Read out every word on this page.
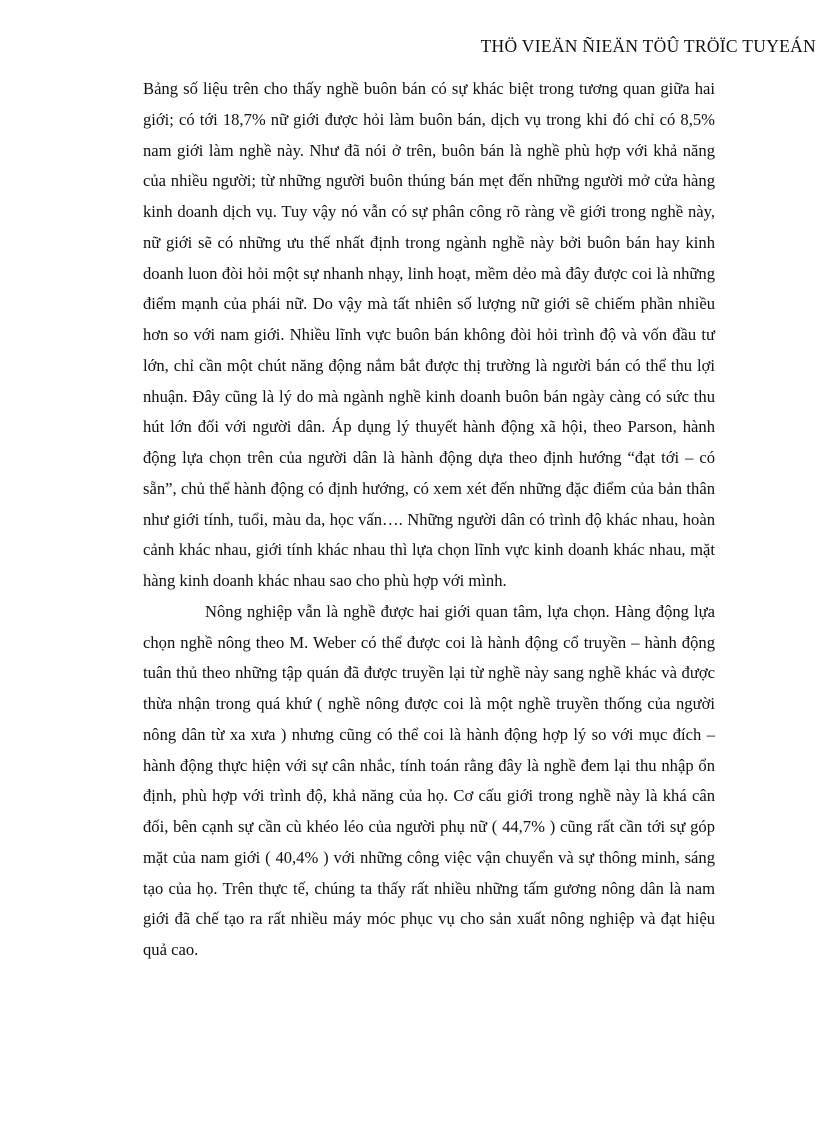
THÖ VIEÄN ÑIEÄN TÖÛ TRÖÏC TUYEÁN

Bảng số liệu trên cho thấy nghề buôn bán có sự khác biệt trong tương quan giữa hai giới; có tới 18,7% nữ giới được hỏi làm buôn bán, dịch vụ trong khi đó chỉ có 8,5% nam giới làm nghề này. Như đã nói ở trên, buôn bán là nghề phù hợp với khả năng của nhiều người; từ những người buôn thúng bán mẹt đến những người mở cửa hàng kinh doanh dịch vụ. Tuy vậy nó vẫn có sự phân công rõ ràng về giới trong nghề này, nữ giới sẽ có những ưu thế nhất định trong ngành nghề này bởi buôn bán hay kinh doanh luon đòi hỏi một sự nhanh nhạy, linh hoạt, mềm dẻo mà đây được coi là những điểm mạnh của phái nữ. Do vậy mà tất nhiên số lượng nữ giới sẽ chiếm phần nhiều hơn so với nam giới. Nhiều lĩnh vực buôn bán không đòi hỏi trình độ và vốn đầu tư lớn, chỉ cần một chút năng động nắm bắt được thị trường là người bán có thể thu lợi nhuận. Đây cũng là lý do mà ngành nghề kinh doanh buôn bán ngày càng có sức thu hút lớn đối với người dân. Áp dụng lý thuyết hành động xã hội, theo Parson, hành động lựa chọn trên của người dân là hành động dựa theo định hướng “đạt tới – có sẵn”, chủ thể hành động có định hướng, có xem xét đến những đặc điểm của bản thân như giới tính, tuổi, màu da, học vấn…. Những người dân có trình độ khác nhau, hoàn cảnh khác nhau, giới tính khác nhau thì lựa chọn lĩnh vực kinh doanh khác nhau, mặt hàng kinh doanh khác nhau sao cho phù hợp với mình.

Nông nghiệp vẫn là nghề được hai giới quan tâm, lựa chọn. Hàng động lựa chọn nghề nông theo M. Weber có thể được coi là hành động cổ truyền – hành động tuân thủ theo những tập quán đã được truyền lại từ nghề này sang nghề khác và được thừa nhận trong quá khứ ( nghề nông được coi là một nghề truyền thống của người nông dân từ xa xưa ) nhưng cũng có thể coi là hành động hợp lý so với mục đích – hành động thực hiện với sự cân nhắc, tính toán rằng đây là nghề đem lại thu nhập ổn định, phù hợp với trình độ, khả năng của họ. Cơ cấu giới trong nghề này là khá cân đối, bên cạnh sự cần cù khéo léo của người phụ nữ ( 44,7% ) cũng rất cần tới sự góp mặt của nam giới ( 40,4% ) với những công việc vận chuyển và sự thông minh, sáng tạo của họ. Trên thực tế, chúng ta thấy rất nhiều những tấm gương nông dân là nam giới đã chế tạo ra rất nhiều máy móc phục vụ cho sản xuất nông nghiệp và đạt hiệu quả cao.
